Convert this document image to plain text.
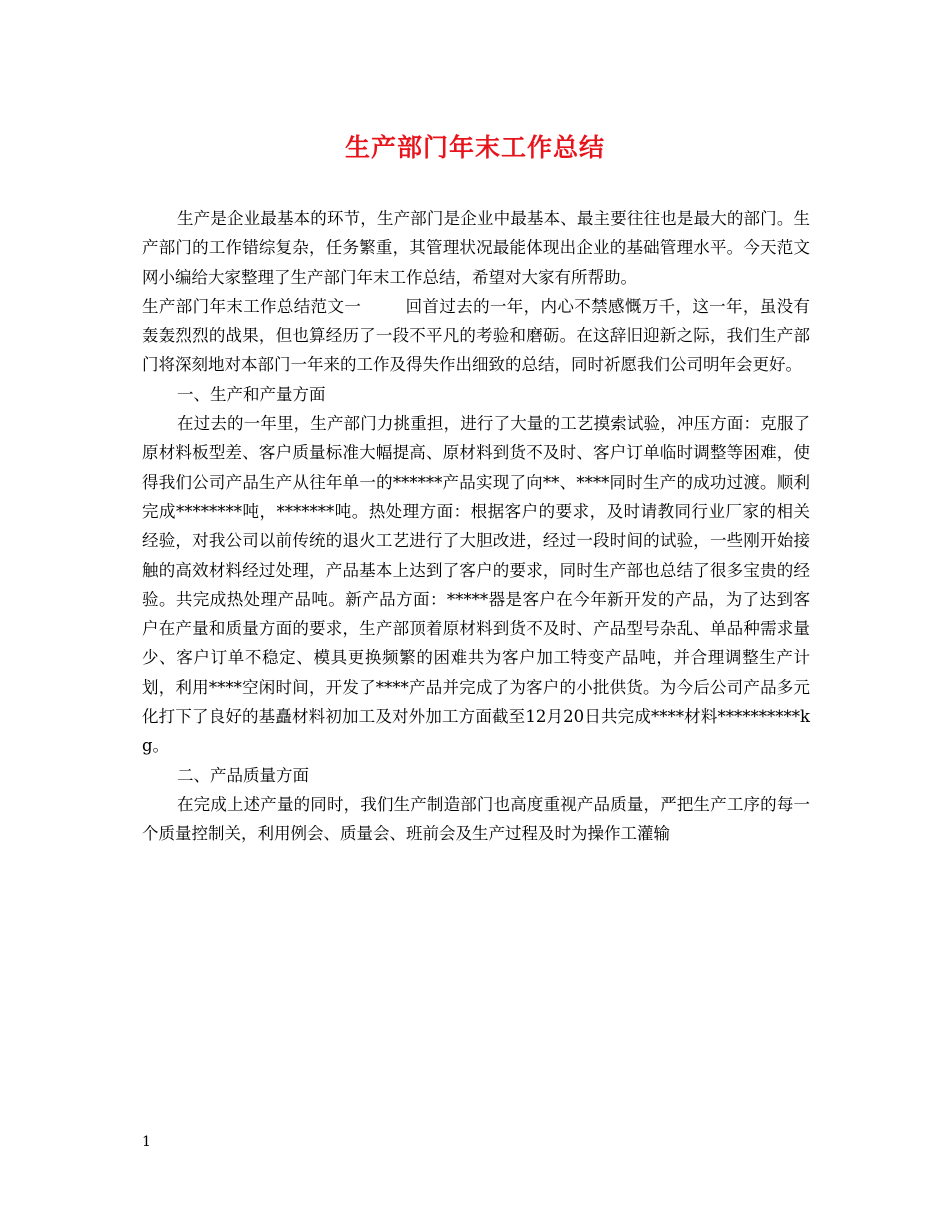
生产部门年末工作总结

生产是企业最基本的环节，生产部门是企业中最基本、最主要往往也是最大的部门。生产部门的工作错综复杂，任务繁重，其管理状况最能体现出企业的基础管理水平。今天范文网小编给大家整理了生产部门年末工作总结，希望对大家有所帮助。

生产部门年末工作总结范文一	回首过去的一年，内心不禁感慨万千，这一年，虽没有轰轰烈烈的战果，但也算经历了一段不平凡的考验和磨砺。在这辞旧迎新之际，我们生产部门将深刻地对本部门一年来的工作及得失作出细致的总结，同时祈愿我们公司明年会更好。

一、生产和产量方面

在过去的一年里，生产部门力挑重担，进行了大量的工艺摸索试验，冲压方面：克服了原材料板型差、客户质量标准大幅提高、原材料到货不及时、客户订单临时调整等困难，使得我们公司产品生产从往年单一的******产品实现了向**、****同时生产的成功过渡。顺利完成********吨，*******吨。热处理方面：根据客户的要求，及时请教同行业厂家的相关经验，对我公司以前传统的退火工艺进行了大胆改进，经过一段时间的试验，一些刚开始接触的高效材料经过处理，产品基本上达到了客户的要求，同时生产部也总结了很多宝贵的经验。共完成热处理产品吨。新产品方面：*****器是客户在今年新开发的产品，为了达到客户在产量和质量方面的要求，生产部顶着原材料到货不及时、产品型号杂乱、单品种需求量少、客户订单不稳定、模具更换频繁的困难共为客户加工特变产品吨，并合理调整生产计划，利用****空闲时间，开发了****产品并完成了为客户的小批供货。为今后公司产品多元化打下了良好的基矗材料初加工及对外加工方面截至12月20日共完成****材料**********kg。

二、产品质量方面

在完成上述产量的同时，我们生产制造部门也高度重视产品质量，严把生产工序的每一个质量控制关，利用例会、质量会、班前会及生产过程及时为操作工灌输

1
